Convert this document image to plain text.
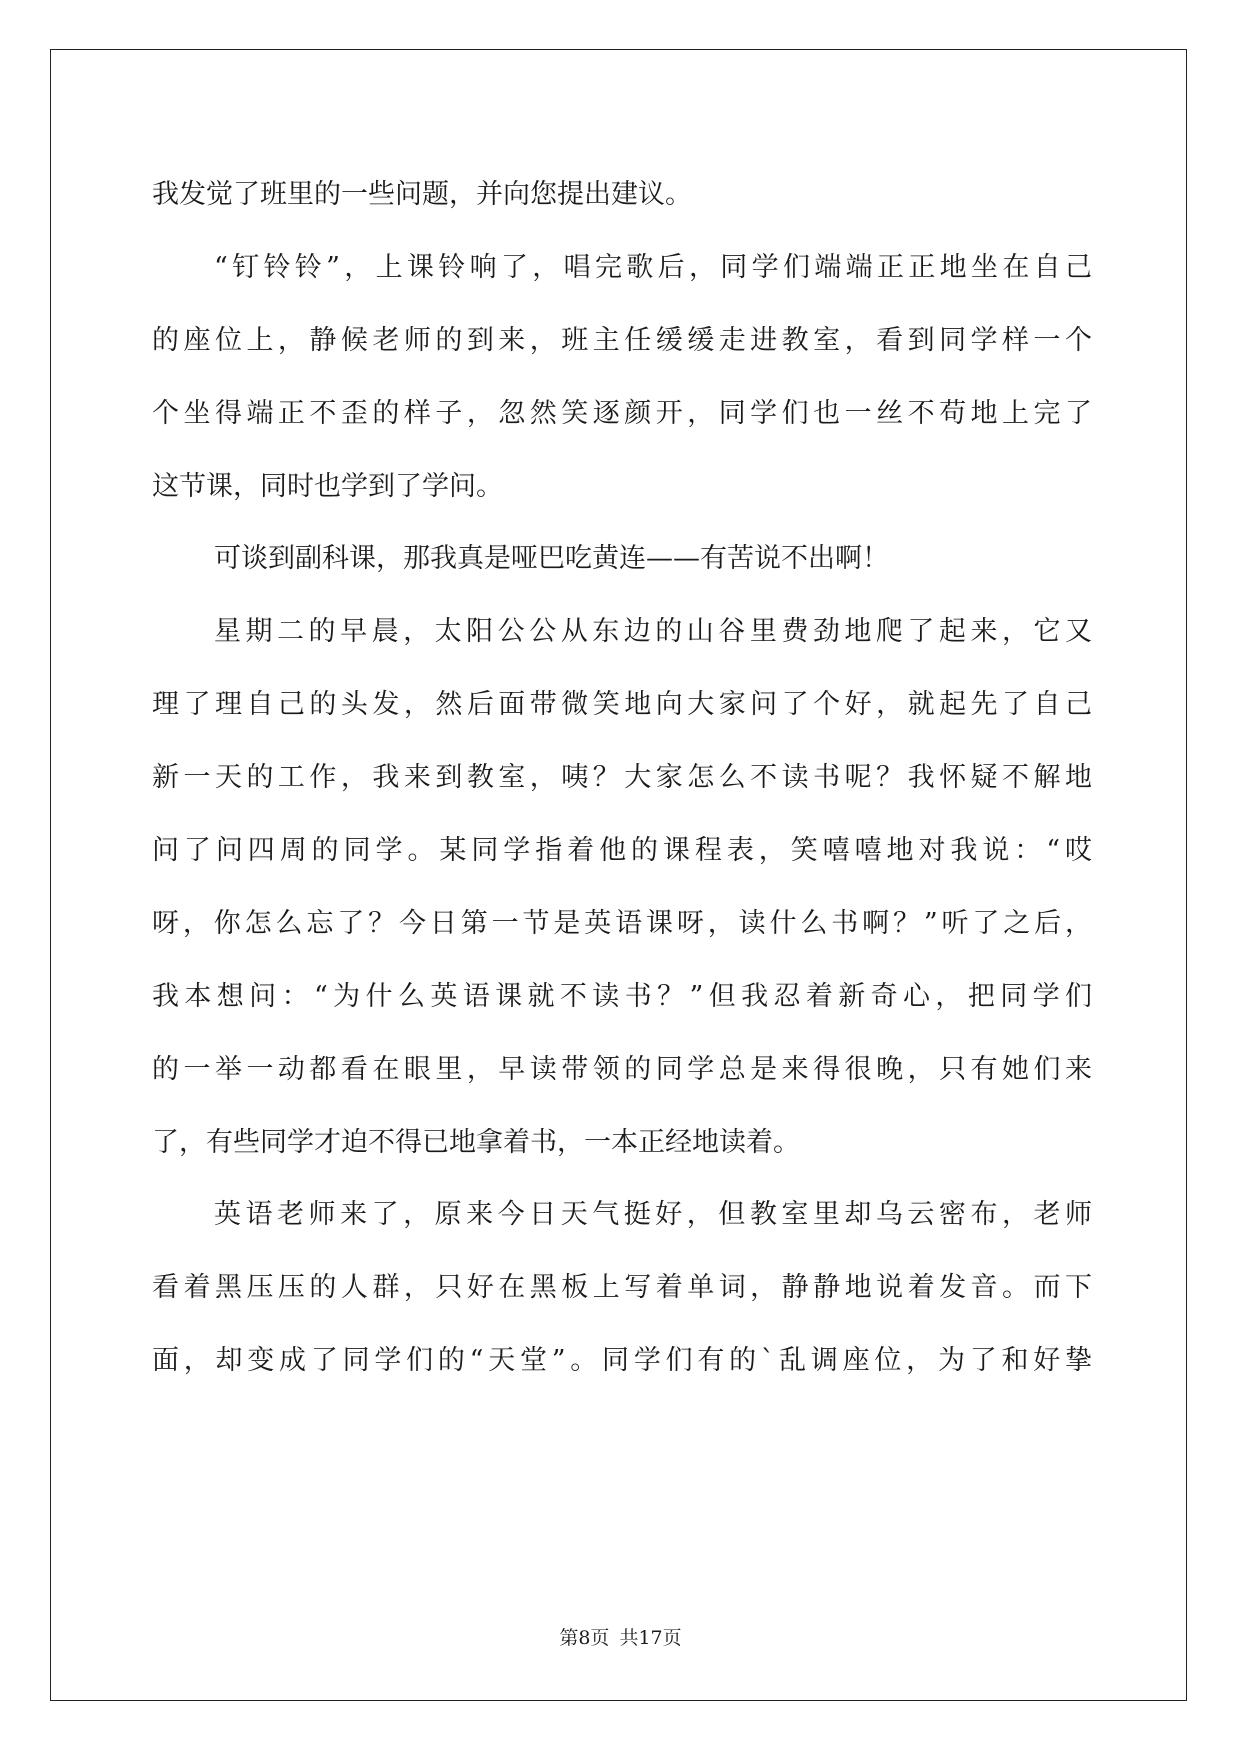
我发觉了班里的一些问题，并向您提出建议。
“钉铃铃”，上课铃响了，唱完歌后，同学们端端正正地坐在自己
的座位上，静候老师的到来，班主任缓缓走进教室，看到同学样一个
个坐得端正不歪的样子，忽然笑逐颜开，同学们也一丝不苟地上完了
这节课，同时也学到了学问。
可谈到副科课，那我真是哑巴吃黄连——有苦说不出啊！
星期二的早晨，太阳公公从东边的山谷里费劲地爬了起来，它又
理了理自己的头发，然后面带微笑地向大家问了个好，就起先了自己
新一天的工作，我来到教室，咦？大家怎么不读书呢？我怀疑不解地
问了问四周的同学。某同学指着他的课程表，笑嘻嘻地对我说：“哎
呀，你怎么忘了？今日第一节是英语课呀，读什么书啊？”听了之后，
我本想问：“为什么英语课就不读书？”但我忍着新奇心，把同学们
的一举一动都看在眼里，早读带领的同学总是来得很晚，只有她们来
了，有些同学才迫不得已地拿着书，一本正经地读着。
英语老师来了，原来今日天气挺好，但教室里却乌云密布，老师
看着黑压压的人群，只好在黑板上写着单词，静静地说着发音。而下
面，却变成了同学们的“天堂”。同学们有的`乱调座位，为了和好挚
第8页 共17页
